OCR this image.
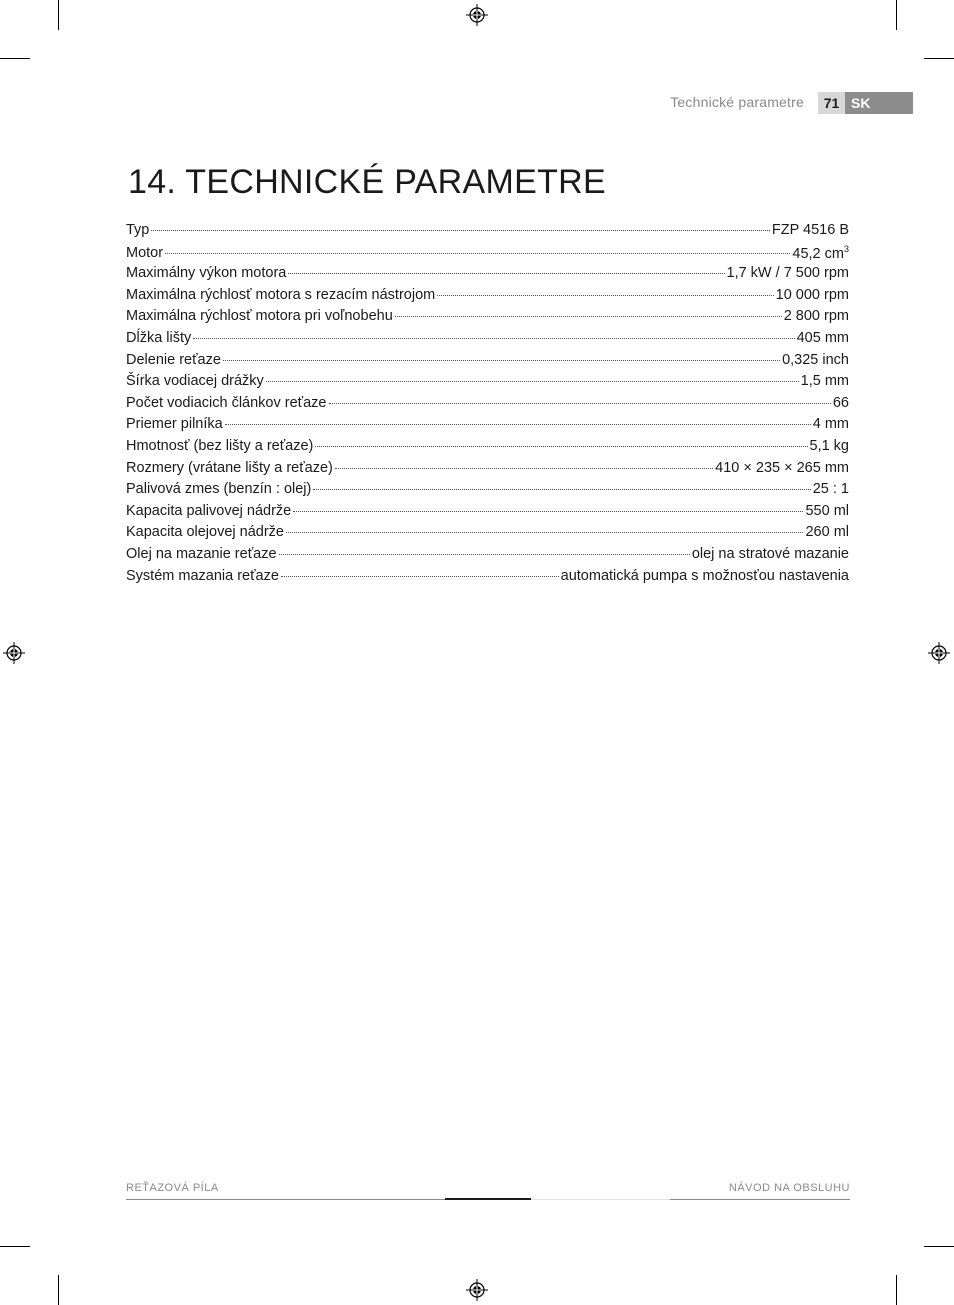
Technické parametre	71 SK
14. TECHNICKÉ PARAMETRE
Typ	FZP 4516 B
Motor	45,2 $cm^3$
Maximálny výkon motora	1,7 kW / 7 500 rpm
Maximálna rýchlosť motora s rezacím nástrojom	10 000 rpm
Maximálna rýchlosť motora pri voľnobehu	2 800 rpm
Dĺžka lišty	405 mm
Delenie reťaze	0,325 inch
Šírka vodiacej drážky	1,5 mm
Počet vodiacich článkov reťaze	66
Priemer pilníka	4 mm
Hmotnosť (bez lišty a reťaze)	5,1 kg
Rozmery (vrátane lišty a reťaze)	410 × 235 × 265 mm
Palivová zmes (benzín : olej)	25 : 1
Kapacita palivovej nádrže	550 ml
Kapacita olejovej nádrže	260 ml
Olej na mazanie reťaze	olej na stratové mazanie
Systém mazania reťaze	automatická pumpa s možnosťou nastavenia
REŤAZOVÁ PÍLA	NÁVOD NA OBSLUHU
